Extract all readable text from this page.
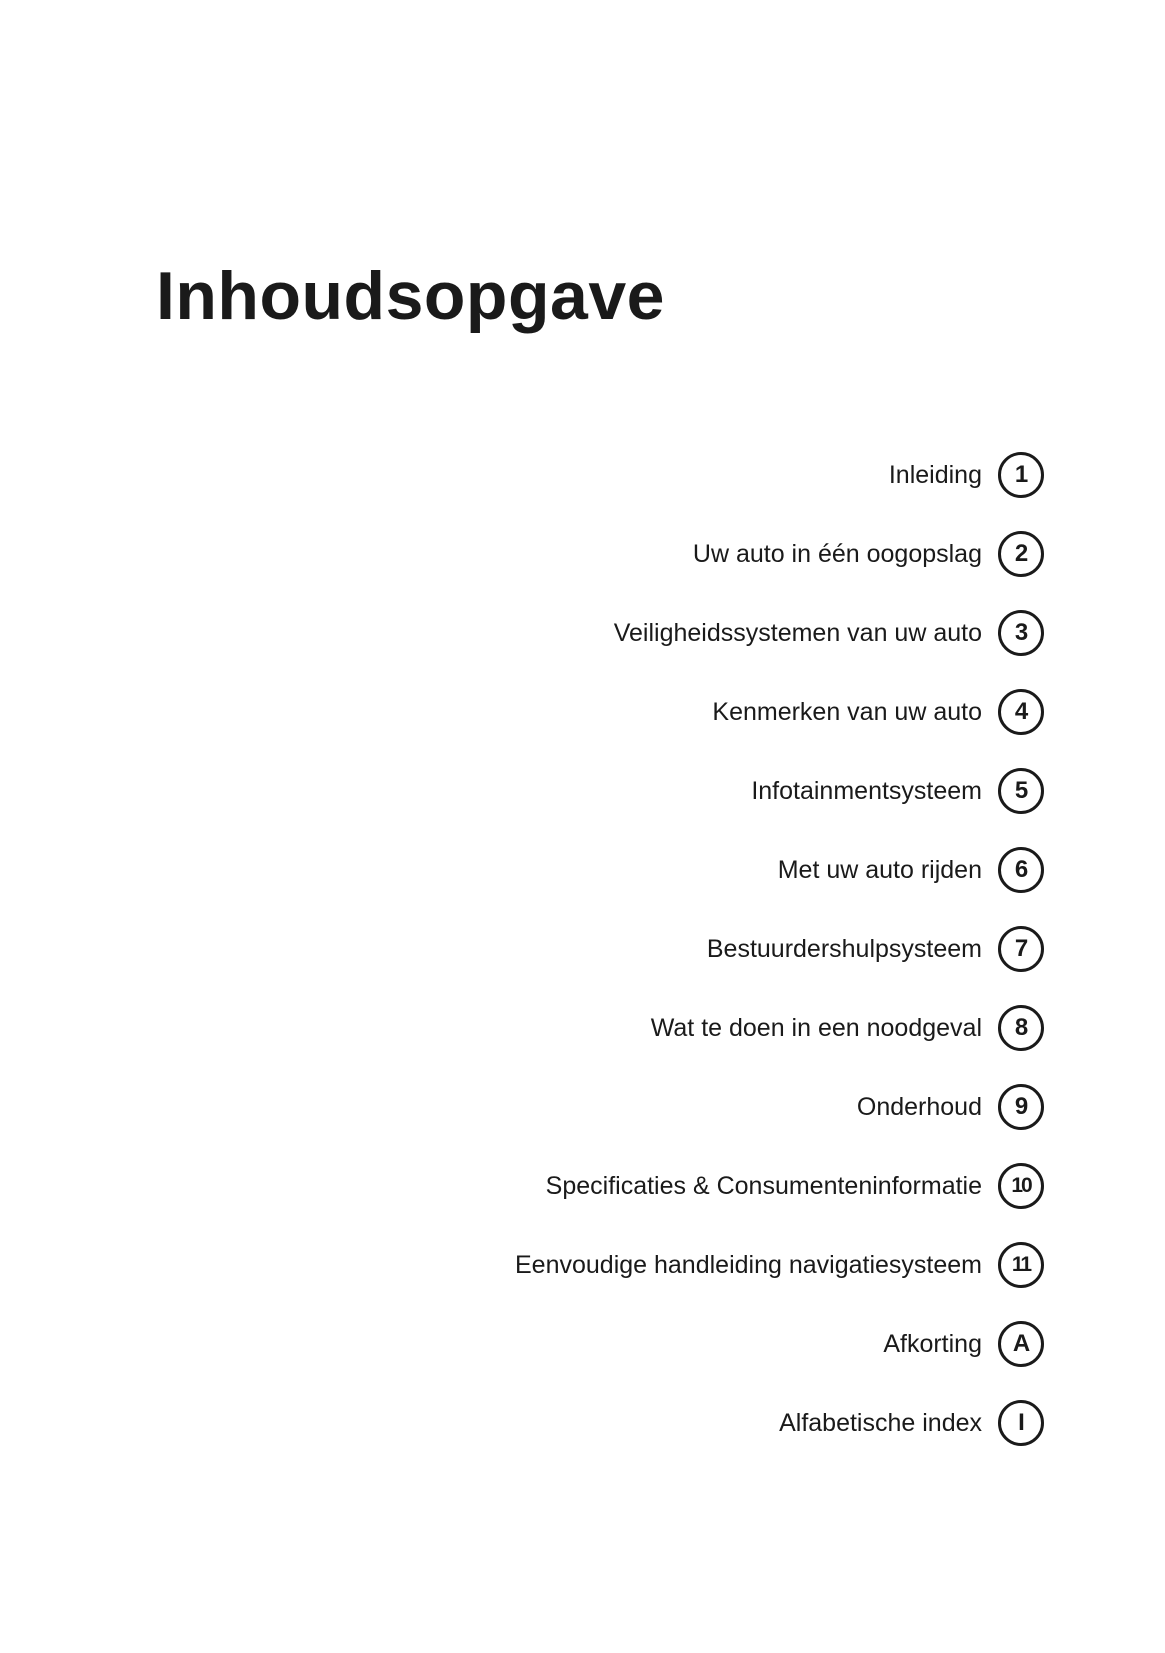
Inhoudsopgave
Inleiding	1
Uw auto in één oogopslag	2
Veiligheidssystemen van uw auto	3
Kenmerken van uw auto	4
Infotainmentsysteem	5
Met uw auto rijden	6
Bestuurdershulpsysteem	7
Wat te doen in een noodgeval	8
Onderhoud	9
Specificaties & Consumenteninformatie	10
Eenvoudige handleiding navigatiesysteem	11
Afkorting	A
Alfabetische index	I
